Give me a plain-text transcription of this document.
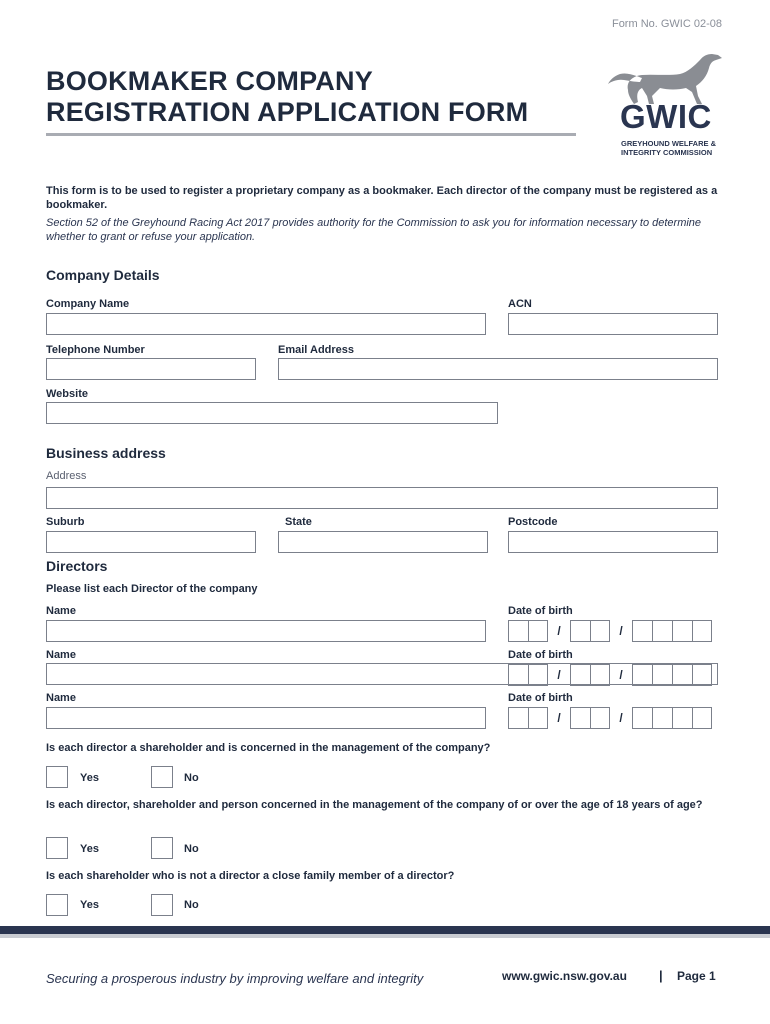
Form No. GWIC 02-08
BOOKMAKER COMPANY
REGISTRATION APPLICATION FORM	GWIC
GREYHOUND WELFARE &
INTEGRITY COMMISSION
This form is to be used to register a proprietary company as a bookmaker. Each director of the company must be registered as a bookmaker.
Section 52 of the Greyhound Racing Act 2017 provides authority for the Commission to ask you for information necessary to determine whether to grant or refuse your application.
Company Details
Company Name	ACN
Telephone Number	Email Address
Website
Business address
Address
Suburb	State	Postcode
Directors
Please list each Director of the company
Name	Date of birth
/	/
Name	Date of birth
/	/
Name	Date of birth
/	/
Is each director a shareholder and is concerned in the management of the company?
Yes	No
Is each director, shareholder and person concerned in the management of the company of or over the age of 18 years of age?
Yes	No
Is each shareholder who is not a director a close family member of a director?
Yes	No
Securing a prosperous industry by improving welfare and integrity	www.gwic.nsw.gov.au | Page 1
